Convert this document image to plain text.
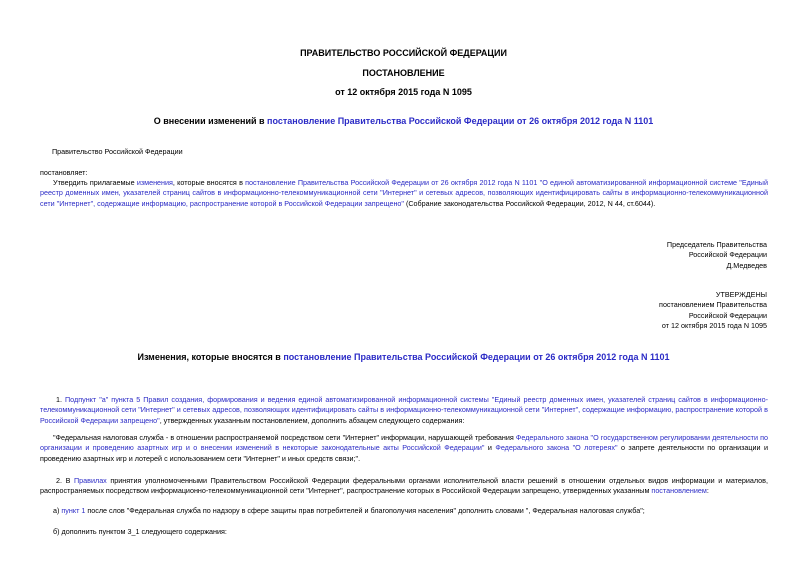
ПРАВИТЕЛЬСТВО РОССИЙСКОЙ ФЕДЕРАЦИИ
ПОСТАНОВЛЕНИЕ
от 12 октября 2015 года N 1095
О внесении изменений в постановление Правительства Российской Федерации от 26 октября 2012 года N 1101
Правительство Российской Федерации
постановляет:
Утвердить прилагаемые изменения, которые вносятся в постановление Правительства Российской Федерации от 26 октября 2012 года N 1101 "О единой автоматизированной информационной системе "Единый реестр доменных имен, указателей страниц сайтов в информационно-телекоммуникационной сети "Интернет" и сетевых адресов, позволяющих идентифицировать сайты в информационно-телекоммуникационной сети "Интернет", содержащие информацию, распространение которой в Российской Федерации запрещено" (Собрание законодательства Российской Федерации, 2012, N 44, ст.6044).
Председатель Правительства
Российской Федерации
Д.Медведев
УТВЕРЖДЕНЫ
постановлением Правительства
Российской Федерации
от 12 октября 2015 года N 1095
Изменения, которые вносятся в постановление Правительства Российской Федерации от 26 октября 2012 года N 1101
1. Подпункт "а" пункта 5 Правил создания, формирования и ведения единой автоматизированной информационной системы "Единый реестр доменных имен, указателей страниц сайтов в информационно-телекоммуникационной сети "Интернет" и сетевых адресов, позволяющих идентифицировать сайты в информационно-телекоммуникационной сети "Интернет", содержащие информацию, распространение которой в Российской Федерации запрещено", утвержденных указанным постановлением, дополнить абзацем следующего содержания:
"Федеральная налоговая служба - в отношении распространяемой посредством сети "Интернет" информации, нарушающей требования Федерального закона "О государственном регулировании деятельности по организации и проведению азартных игр и о внесении изменений в некоторые законодательные акты Российской Федерации" и Федерального закона "О лотереях" о запрете деятельности по организации и проведению азартных игр и лотерей с использованием сети "Интернет" и иных средств связи;".
2. В Правилах принятия уполномоченными Правительством Российской Федерации федеральными органами исполнительной власти решений в отношении отдельных видов информации и материалов, распространяемых посредством информационно-телекоммуникационной сети "Интернет", распространение которых в Российской Федерации запрещено, утвержденных указанным постановлением:
а) пункт 1 после слов "Федеральная служба по надзору в сфере защиты прав потребителей и благополучия населения" дополнить словами ", Федеральная налоговая служба";
б) дополнить пунктом 3_1 следующего содержания:
